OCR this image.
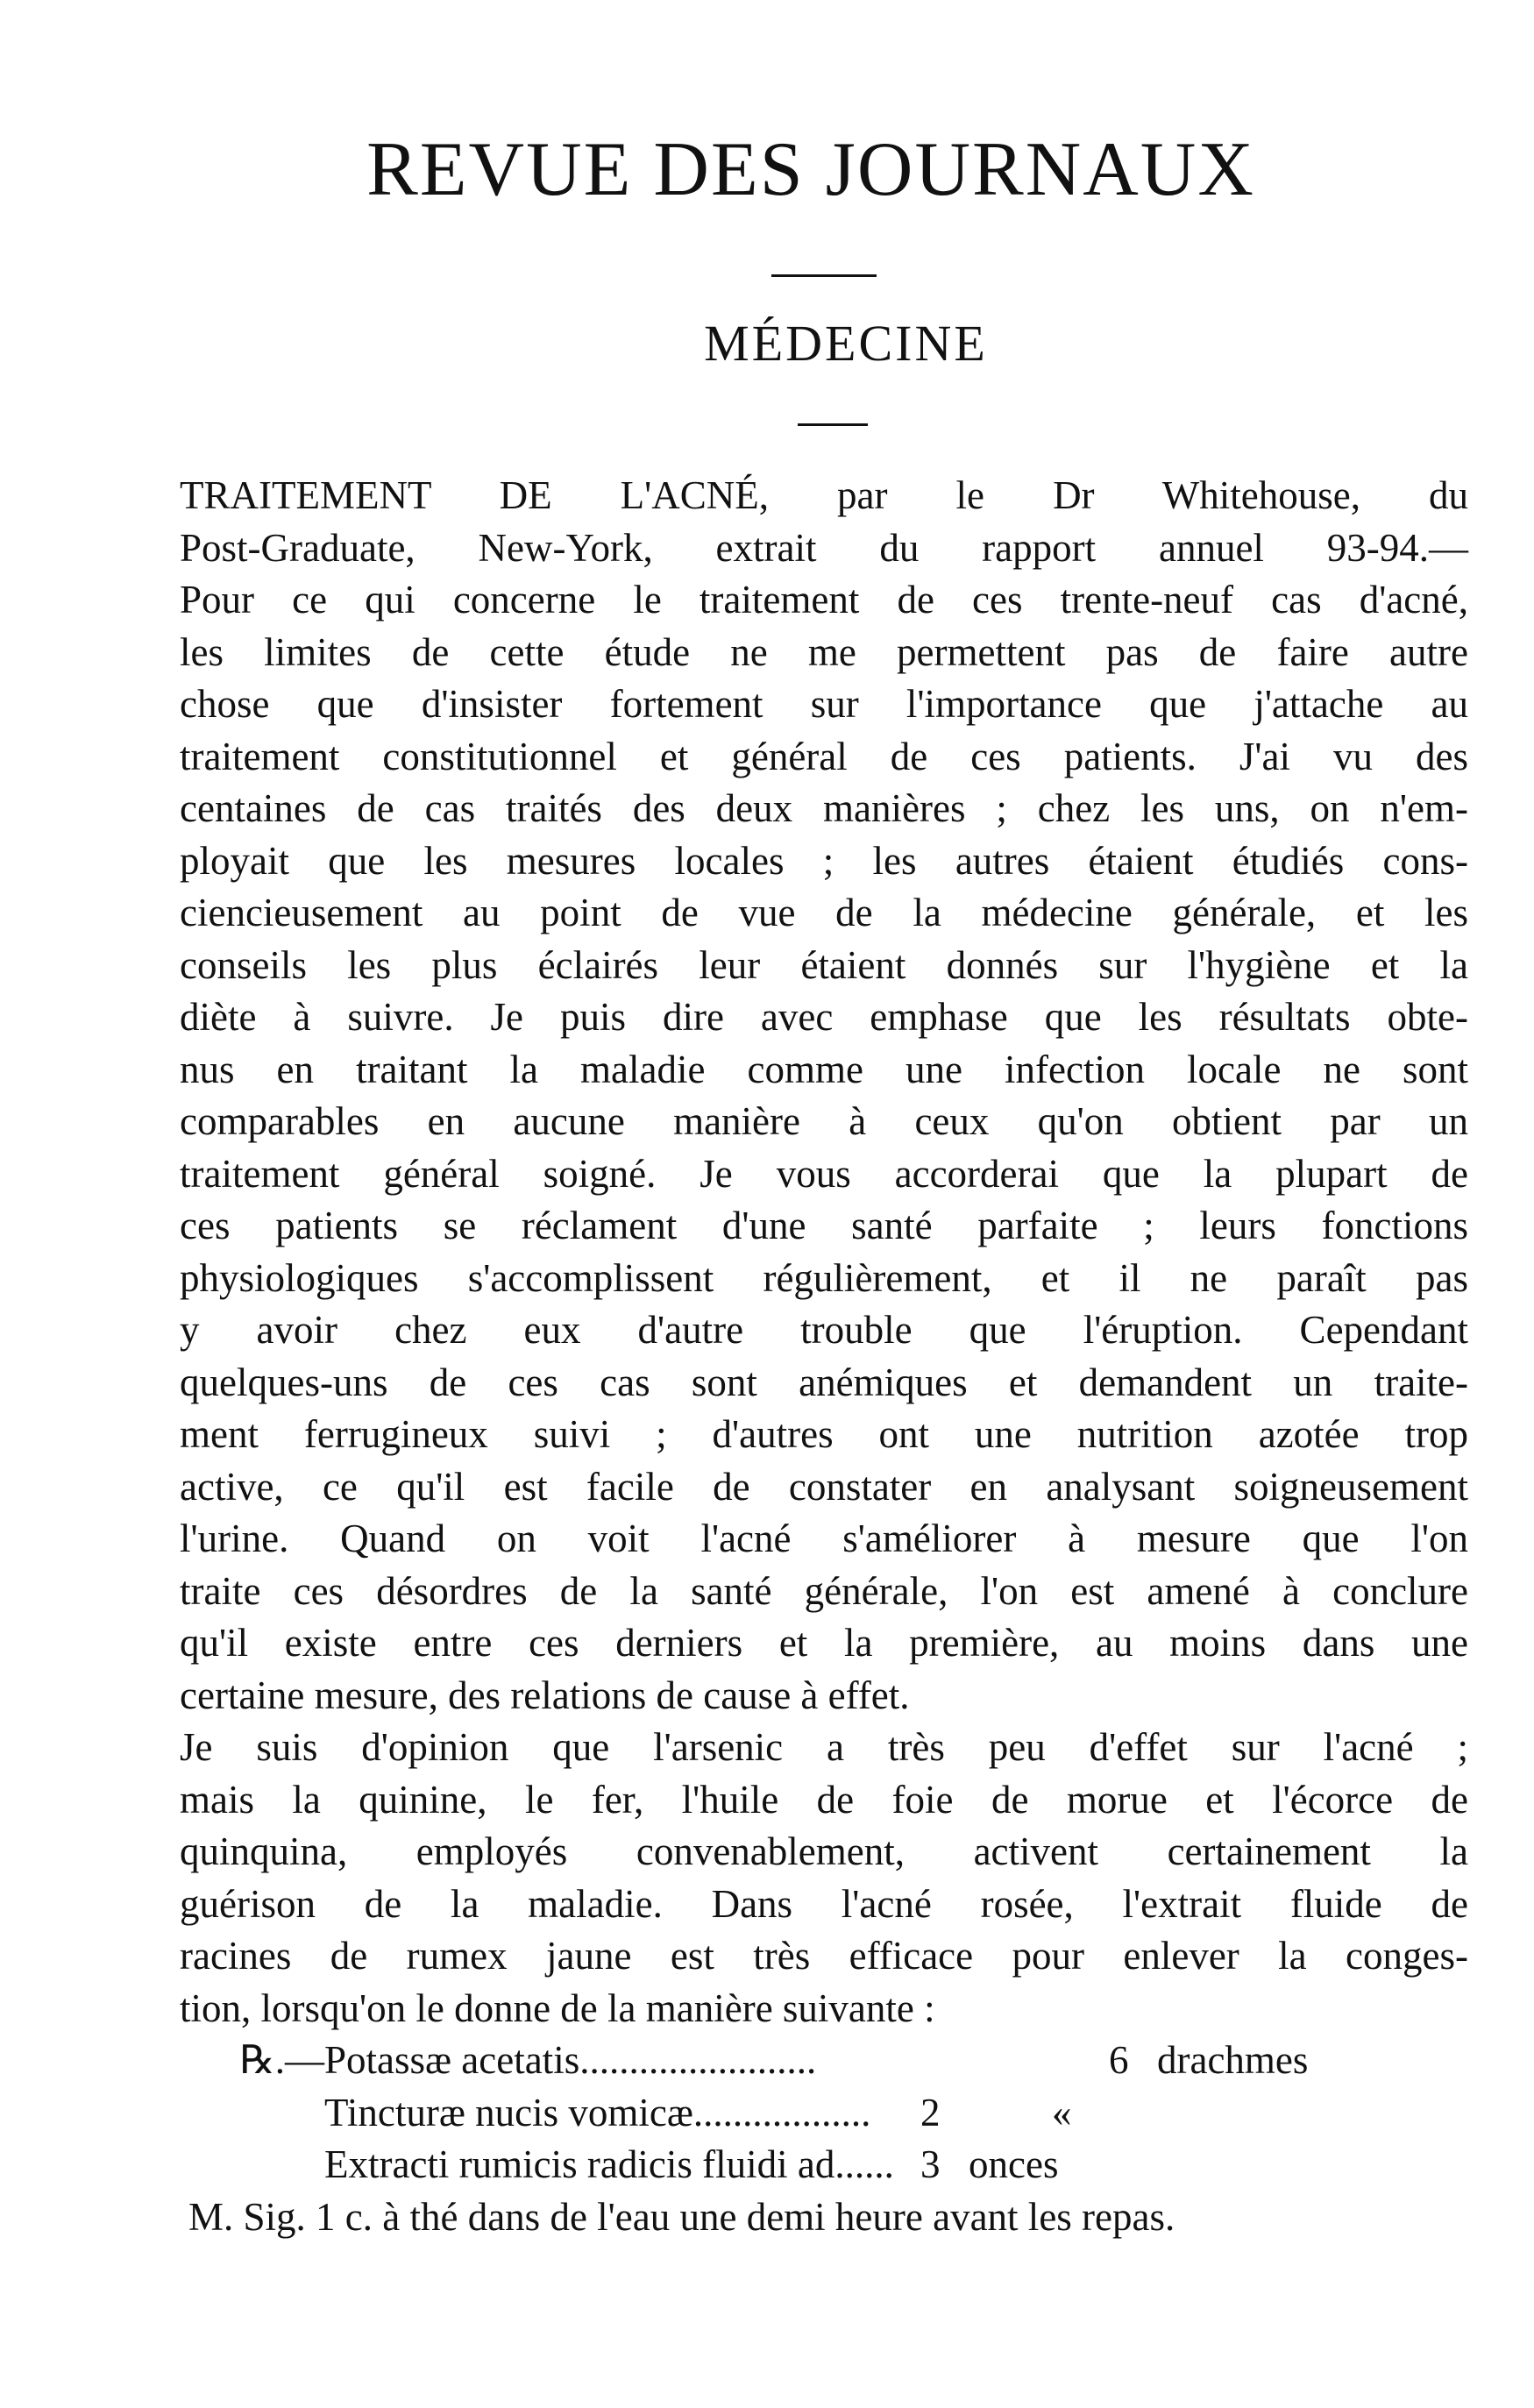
REVUE DES JOURNAUX
MÉDECINE

TRAITEMENT DE L'ACNÉ, par le Dr Whitehouse, du
Post-Graduate, New-York, extrait du rapport annuel 93-94.—
Pour ce qui concerne le traitement de ces trente-neuf cas d'acné,
les limites de cette étude ne me permettent pas de faire autre
chose que d'insister fortement sur l'importance que j'attache au
traitement constitutionnel et général de ces patients. J'ai vu des
centaines de cas traités des deux manières ; chez les uns, on n'em-
ployait que les mesures locales ; les autres étaient étudiés cons-
ciencieusement au point de vue de la médecine générale, et les
conseils les plus éclairés leur étaient donnés sur l'hygiène et la
diète à suivre. Je puis dire avec emphase que les résultats obte-
nus en traitant la maladie comme une infection locale ne sont
comparables en aucune manière à ceux qu'on obtient par un
traitement général soigné. Je vous accorderai que la plupart de
ces patients se réclament d'une santé parfaite ; leurs fonctions
physiologiques s'accomplissent régulièrement, et il ne paraît pas
y avoir chez eux d'autre trouble que l'éruption. Cependant
quelques-uns de ces cas sont anémiques et demandent un traite-
ment ferrugineux suivi ; d'autres ont une nutrition azotée trop
active, ce qu'il est facile de constater en analysant soigneusement
l'urine. Quand on voit l'acné s'améliorer à mesure que l'on
traite ces désordres de la santé générale, l'on est amené à conclure
qu'il existe entre ces derniers et la première, au moins dans une
certaine mesure, des relations de cause à effet.

Je suis d'opinion que l'arsenic a très peu d'effet sur l'acné ;
mais la quinine, le fer, l'huile de foie de morue et l'écorce de
quinquina, employés convenablement, activent certainement la
guérison de la maladie. Dans l'acné rosée, l'extrait fluide de
racines de rumex jaune est très efficace pour enlever la conges-
tion, lorsqu'on le donne de la manière suivante :

℞.— Potassæ acetatis........................	6 drachmes
Tincturæ nucis vomicæ..................	2	«
Extracti rumicis radicis fluidi ad...... 3 onces
M. Sig. 1 c. à thé dans de l'eau une demi heure avant les repas.
